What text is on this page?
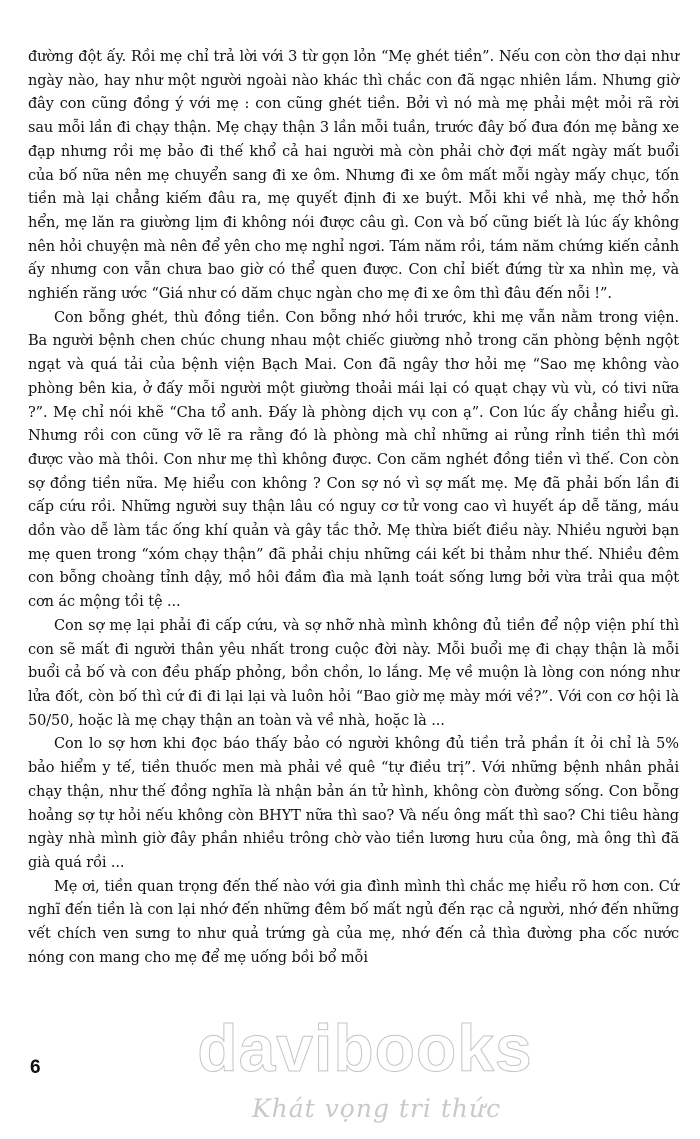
đường đột ấy. Rồi mẹ chỉ trả lời với 3 từ gọn lỏn “Mẹ ghét tiền”. Nếu con còn thơ dại như ngày nào, hay như một người ngoài nào khác thì chắc con đã ngạc nhiên lắm. Nhưng giờ đây con cũng đồng ý với mẹ : con cũng ghét tiền. Bởi vì nó mà mẹ phải mệt mỏi rã rời sau mỗi lần đi chạy thận. Mẹ chạy thận 3 lần mỗi tuần, trước đây bố đưa đón mẹ bằng xe đạp nhưng rồi mẹ bảo đi thế khổ cả hai người mà còn phải chờ đợi mất ngày mất buổi của bố nữa nên mẹ chuyển sang đi xe ôm. Nhưng đi xe ôm mất mỗi ngày mấy chục, tốn tiền mà lại chẳng kiếm đâu ra, mẹ quyết định đi xe buýt. Mỗi khi về nhà, mẹ thở hổn hển, mẹ lăn ra giường lịm đi không nói được câu gì. Con và bố cũng biết là lúc ấy không nên hỏi chuyện mà nên để yên cho mẹ nghỉ ngơi. Tám năm rồi, tám năm chứng kiến cảnh ấy nhưng con vẫn chưa bao giờ có thể quen được. Con chỉ biết đứng từ xa nhìn mẹ, và nghiến răng ước “Giá như có dăm chục ngàn cho mẹ đi xe ôm thì đâu đến nỗi !”.

Con bỗng ghét, thù đồng tiền. Con bỗng nhớ hồi trước, khi mẹ vẫn nằm trong viện. Ba người bệnh chen chúc chung nhau một chiếc giường nhỏ trong căn phòng bệnh ngột ngạt và quá tải của bệnh viện Bạch Mai. Con đã ngây thơ hỏi mẹ “Sao mẹ không vào phòng bên kia, ở đấy mỗi người một giường thoải mái lại có quạt chạy vù vù, có tivi nữa ?”. Mẹ chỉ nói khẽ “Cha tổ anh. Đấy là phòng dịch vụ con ạ”. Con lúc ấy chẳng hiểu gì. Nhưng rồi con cũng vỡ lẽ ra rằng đó là phòng mà chỉ những ai rủng rỉnh tiền thì mới được vào mà thôi. Con như mẹ thì không được. Con căm nghét đồng tiền vì thế. Con còn sợ đồng tiền nữa. Mẹ hiểu con không ? Con sợ nó vì sợ mất mẹ. Mẹ đã phải bốn lần đi cấp cứu rồi. Những người suy thận lâu có nguy cơ tử vong cao vì huyết áp dễ tăng, máu dồn vào dễ làm tắc ống khí quản và gây tắc thở. Mẹ thừa biết điều này. Nhiều người bạn mẹ quen trong “xóm chạy thận” đã phải chịu những cái kết bi thảm như thế. Nhiều đêm con bỗng choàng tỉnh dậy, mồ hôi đầm đìa mà lạnh toát sống lưng bởi vừa trải qua một cơn ác mộng tồi tệ ...

Con sợ mẹ lại phải đi cấp cứu, và sợ nhỡ nhà mình không đủ tiền để nộp viện phí thì con sẽ mất đi người thân yêu nhất trong cuộc đời này. Mỗi buổi mẹ đi chạy thận là mỗi buổi cả bố và con đều phấp phỏng, bồn chồn, lo lắng. Mẹ về muộn là lòng con nóng như lửa đốt, còn bố thì cứ đi đi lại lại và luôn hỏi “Bao giờ mẹ mày mới về?”. Với con cơ hội là 50/50, hoặc là mẹ chạy thận an toàn và về nhà, hoặc là ...

Con lo sợ hơn khi đọc báo thấy bảo có người không đủ tiền trả phần ít ỏi chỉ là 5% bảo hiểm y tế, tiền thuốc men mà phải về quê “tự điều trị”. Với những bệnh nhân phải chạy thận, như thế đồng nghĩa là nhận bản án tử hình, không còn đường sống. Con bỗng hoảng sợ tự hỏi nếu không còn BHYT nữa thì sao? Và nếu ông mất thì sao? Chi tiêu hàng ngày nhà mình giờ đây phần nhiều trông chờ vào tiền lương hưu của ông, mà ông thì đã già quá rồi ...

Mẹ ơi, tiền quan trọng đến thế nào với gia đình mình thì chắc mẹ hiểu rõ hơn con. Cứ nghĩ đến tiền là con lại nhớ đến những đêm bố mất ngủ đến rạc cả người, nhớ đến những vết chích ven sưng to như quả trứng gà của mẹ, nhớ đến cả thìa đường pha cốc nước nóng con mang cho mẹ để mẹ uống bồi bổ mỗi

davibooks
Khát vọng tri thức
6
